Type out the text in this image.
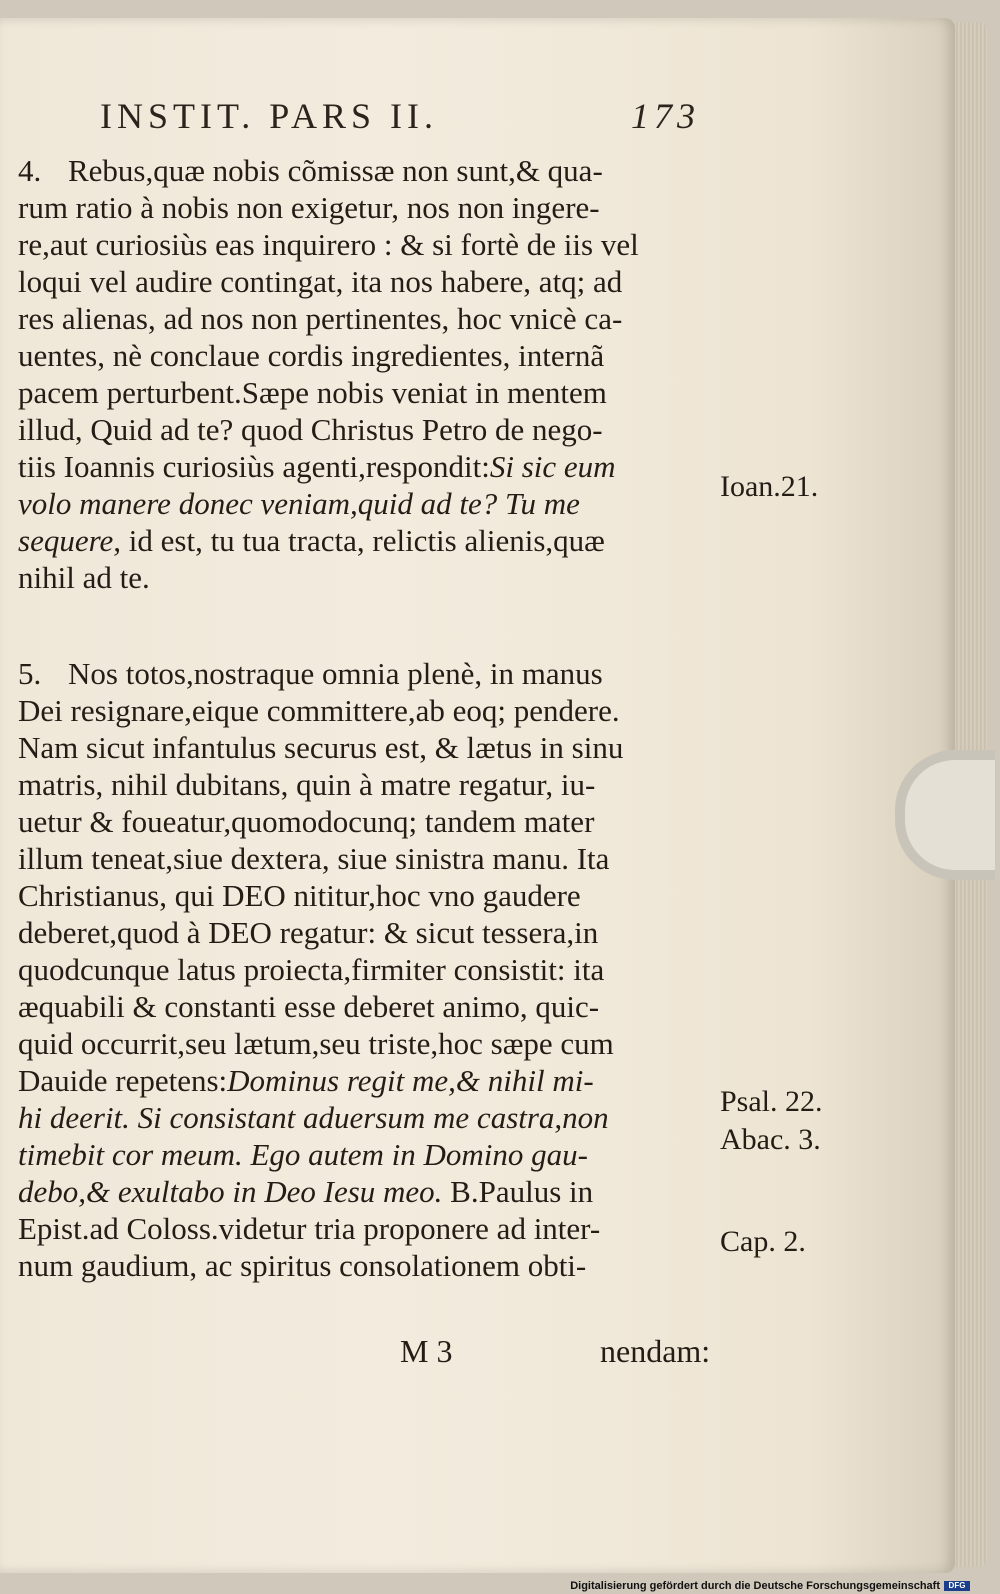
INSTIT. PARS II.	173
4. Rebus,quæ nobis cõmissæ non sunt,& qua-
rum ratio à nobis non exigetur, nos non ingere-
re,aut curiosiùs eas inquirero : & si fortè de iis vel
loqui vel audire contingat, ita nos habere, atq; ad
res alienas, ad nos non pertinentes, hoc vnicè ca-
uentes, nè conclaue cordis ingredientes, internã
pacem perturbent.Sæpe nobis veniat in mentem
illud, Quid ad te? quod Christus Petro de nego-
tiis Ioannis curiosiùs agenti,respondit:Si sic eum
volo manere donec veniam,quid ad te? Tu me
sequere, id est, tu tua tracta, relictis alienis,quæ
nihil ad te.
5. Nos totos,nostraque omnia plenè, in manus
Dei resignare,eique committere,ab eoq; pendere.
Nam sicut infantulus securus est, & lætus in sinu
matris, nihil dubitans, quin à matre regatur, iu-
uetur & foueatur,quomodocunq; tandem mater
illum teneat,siue dextera, siue sinistra manu. Ita
Christianus, qui DEO nititur,hoc vno gaudere
deberet,quod à DEO regatur: & sicut tessera,in
quodcunque latus proiecta,firmiter consistit: ita
æquabili & constanti esse deberet animo, quic-
quid occurrit,seu lætum,seu triste,hoc sæpe cum
Dauide repetens:Dominus regit me,& nihil mi-
hi deerit. Si consistant aduersum me castra,non
timebit cor meum. Ego autem in Domino gau-
debo,& exultabo in Deo Iesu meo. B.Paulus in
Epist.ad Coloss.videtur tria proponere ad inter-
num gaudium, ac spiritus consolationem obti-
Ioan.21.
Psal. 22.
Abac. 3.
Cap. 2.
M 3	nendam:
Digitalisierung gefördert durch die Deutsche Forschungsgemeinschaft	DFG
